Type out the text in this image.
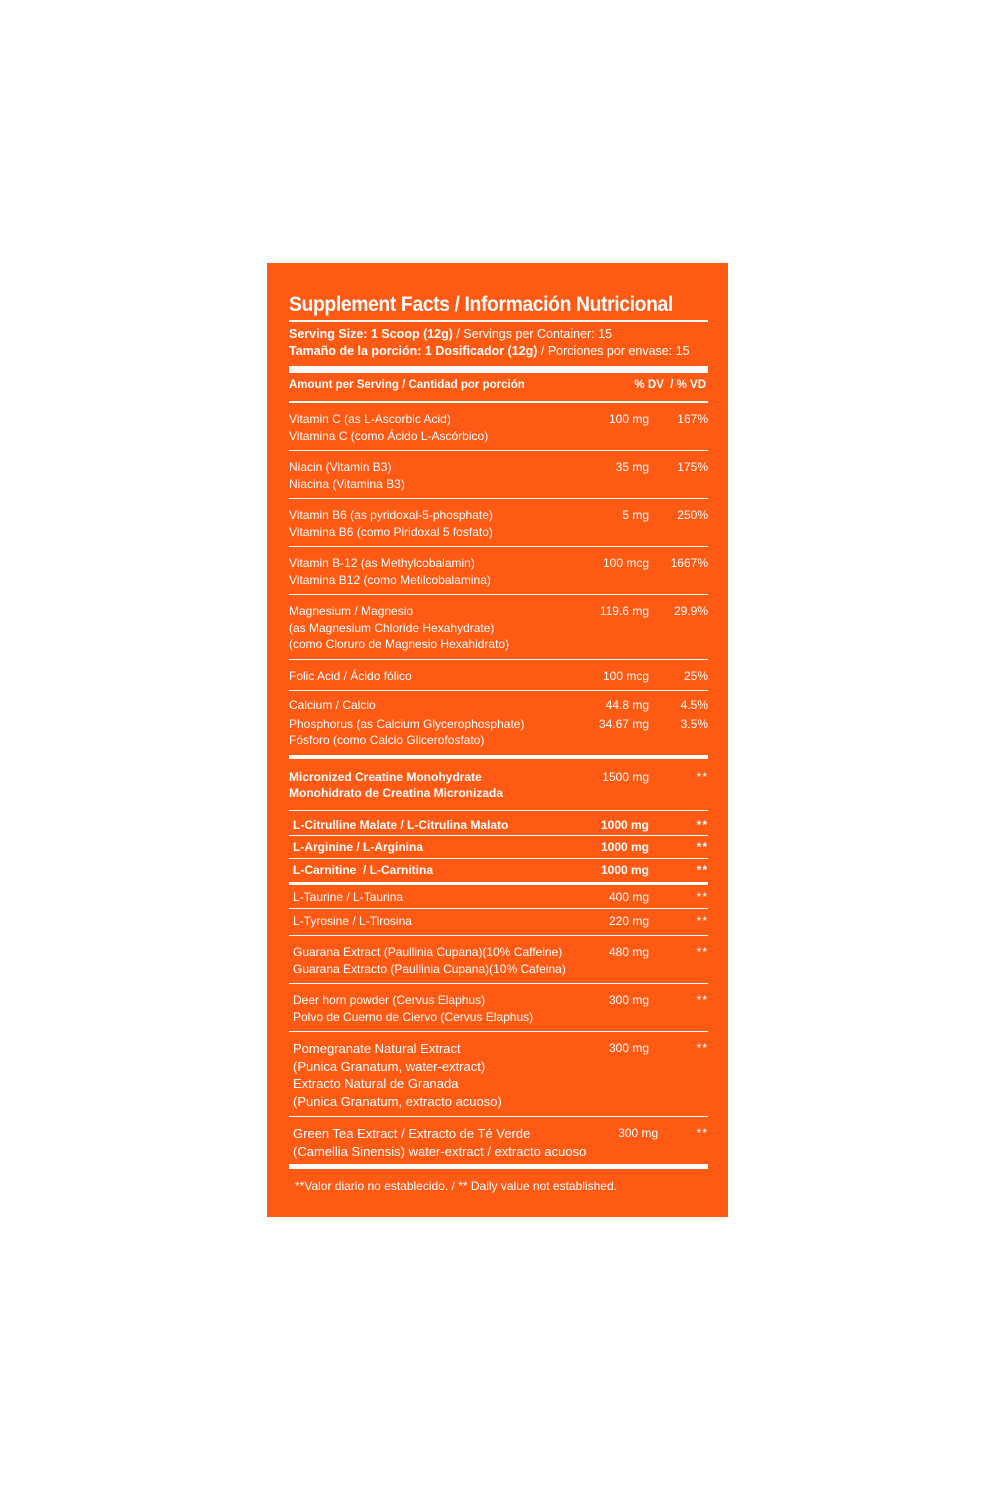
Supplement Facts / Información Nutricional
Serving Size: 1 Scoop (12g) / Servings per Container: 15
Tamaño de la porción: 1 Dosificador (12g) / Porciones por envase: 15
Amount per Serving / Cantidad por porción	% DV  / % VD
Vitamin C (as L-Ascorbic Acid)
Vitamina C (como Ácido L-Ascórbico)
100 mg	167%
Niacin (Vitamin B3)
Niacina (Vitamina B3)
35 mg	175%
Vitamin B6 (as pyridoxal-5-phosphate)
Vitamina B6 (como Piridoxal 5 fosfato)
5 mg	250%
Vitamin B-12 (as Methylcobalamin)
Vitamina B12 (como Metilcobalamina)
100 mcg	1667%
Magnesium / Magnesio
(as Magnesium Chloride Hexahydrate)
(como Cloruro de Magnesio Hexahidrato)
119.6 mg	29.9%
Folic Acid / Ácido fólico	100 mcg	25%
Calcium / Calcio	44.8 mg	4.5%
Phosphorus (as Calcium Glycerophosphate)
Fósforo (como Calcio Glicerofosfato)
34.67 mg	3.5%
Micronized Creatine Monohydrate
Monohidrato de Creatina Micronizada
1500 mg	**
L-Citrulline Malate / L-Citrulina Malato	1000 mg	**
L-Arginine / L-Arginina	1000 mg	**
L-Carnitine  / L-Carnitina	1000 mg	**
L-Taurine / L-Taurina	400 mg	**
L-Tyrosine / L-Tirosina	220 mg	**
Guarana Extract (Paullinia Cupana)(10% Caffeine)
Guarana Extracto (Paullinia Cupana)(10% Cafeina)
480 mg	**
Deer horn powder (Cervus Elaphus)
Polvo de Cuerno de Ciervo (Cervus Elaphus)
300 mg	**
Pomegranate Natural Extract
(Punica Granatum, water-extract)
Extracto Natural de Granada
(Punica Granatum, extracto acuoso)
300 mg	**
Green Tea Extract / Extracto de Té Verde
(Camellia Sinensis) water-extract / extracto acuoso
300 mg	**
**Valor diario no establecido. / ** Daily value not established.
